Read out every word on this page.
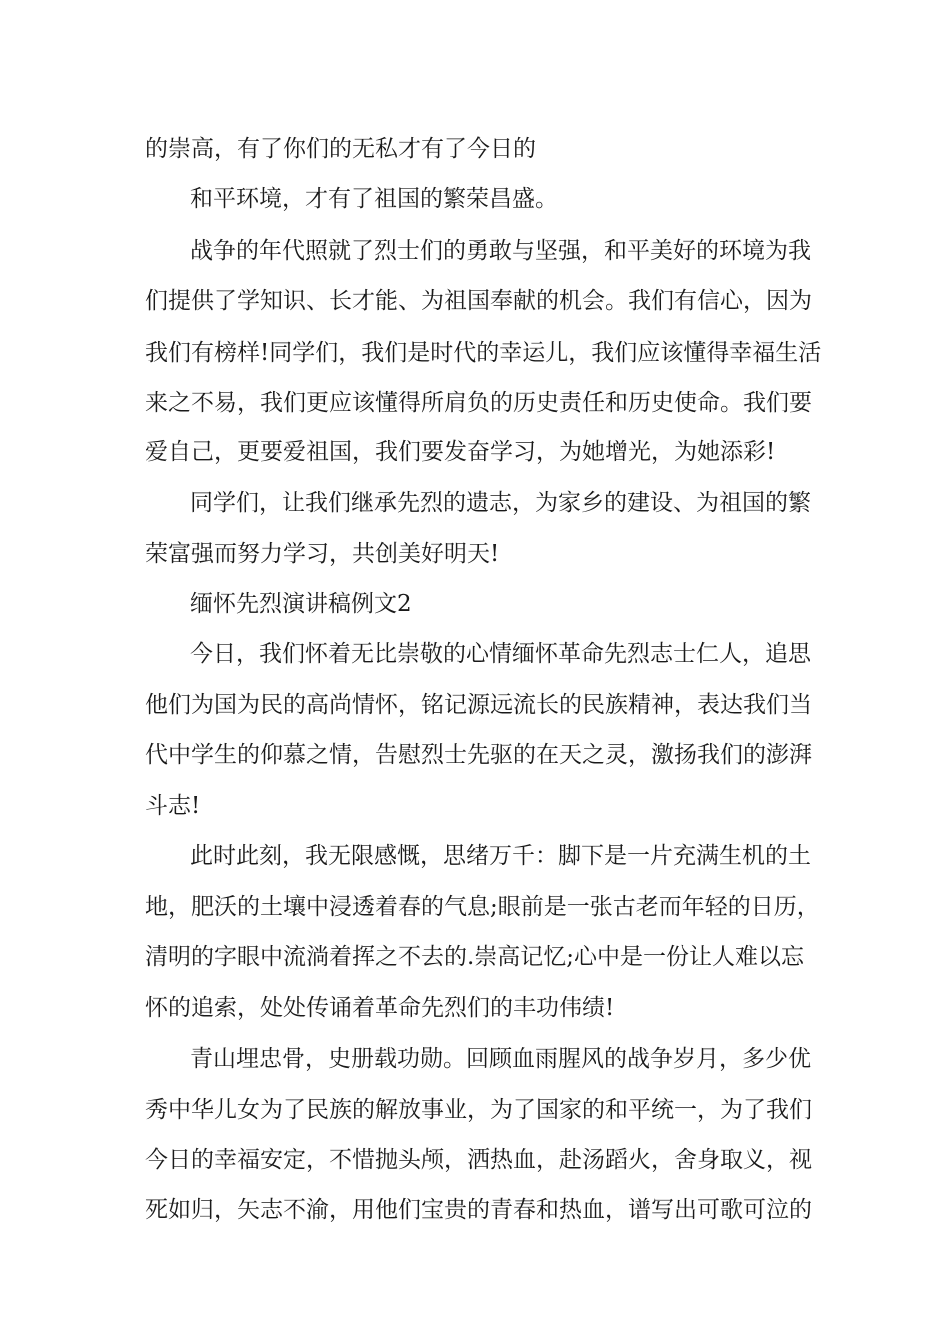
的崇高，有了你们的无私才有了今日的

和平环境，才有了祖国的繁荣昌盛。

战争的年代照就了烈士们的勇敢与坚强，和平美好的环境为我

们提供了学知识、长才能、为祖国奉献的机会。我们有信心，因为

我们有榜样!同学们，我们是时代的幸运儿，我们应该懂得幸福生活

来之不易，我们更应该懂得所肩负的历史责任和历史使命。我们要

爱自己，更要爱祖国，我们要发奋学习，为她增光，为她添彩!

同学们，让我们继承先烈的遗志，为家乡的建设、为祖国的繁

荣富强而努力学习，共创美好明天!

缅怀先烈演讲稿例文2

今日，我们怀着无比崇敬的心情缅怀革命先烈志士仁人，追思

他们为国为民的高尚情怀，铭记源远流长的民族精神，表达我们当

代中学生的仰慕之情，告慰烈士先驱的在天之灵，激扬我们的澎湃

斗志!

此时此刻，我无限感慨，思绪万千：脚下是一片充满生机的土

地，肥沃的土壤中浸透着春的气息;眼前是一张古老而年轻的日历，

清明的字眼中流淌着挥之不去的.崇高记忆;心中是一份让人难以忘

怀的追索，处处传诵着革命先烈们的丰功伟绩!

青山埋忠骨，史册载功勋。回顾血雨腥风的战争岁月，多少优

秀中华儿女为了民族的解放事业，为了国家的和平统一，为了我们

今日的幸福安定，不惜抛头颅，洒热血，赴汤蹈火，舍身取义，视

死如归，矢志不渝，用他们宝贵的青春和热血，谱写出可歌可泣的
